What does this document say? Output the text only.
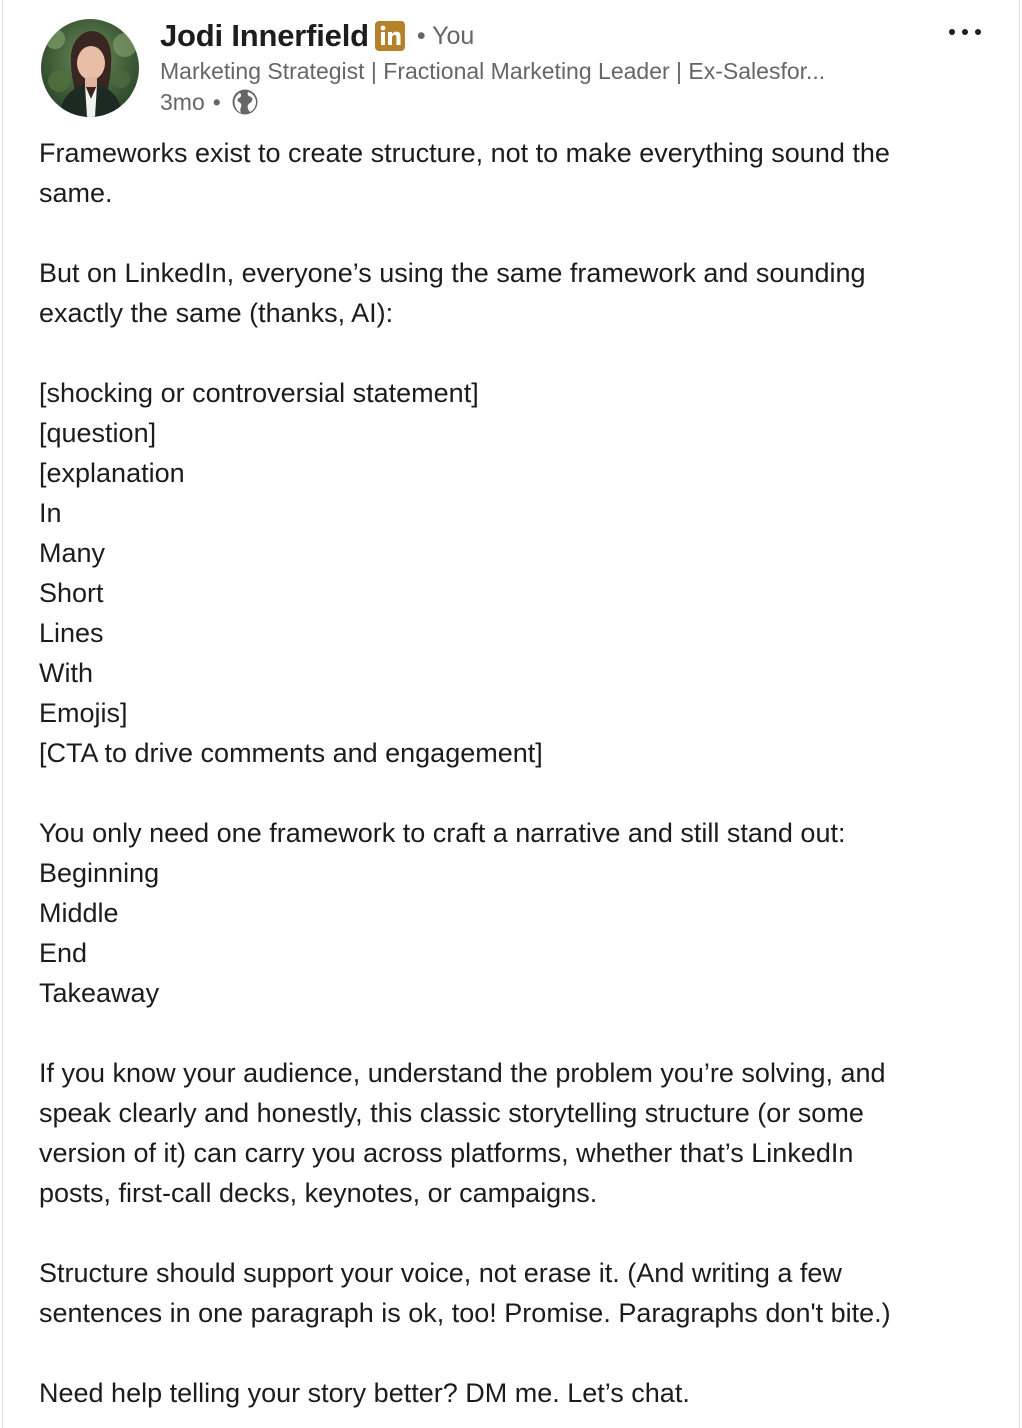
Jodi Innerfield • You
Marketing Strategist | Fractional Marketing Leader | Ex-Salesfor...
3mo •
Frameworks exist to create structure, not to make everything sound the
same.

But on LinkedIn, everyone’s using the same framework and sounding
exactly the same (thanks, AI):

[shocking or controversial statement]
[question]
[explanation
In
Many
Short
Lines
With
Emojis]
[CTA to drive comments and engagement]

You only need one framework to craft a narrative and still stand out:
Beginning
Middle
End
Takeaway

If you know your audience, understand the problem you’re solving, and
speak clearly and honestly, this classic storytelling structure (or some
version of it) can carry you across platforms, whether that’s LinkedIn
posts, first-call decks, keynotes, or campaigns.

Structure should support your voice, not erase it. (And writing a few
sentences in one paragraph is ok, too! Promise. Paragraphs don't bite.)

Need help telling your story better? DM me. Let’s chat.
